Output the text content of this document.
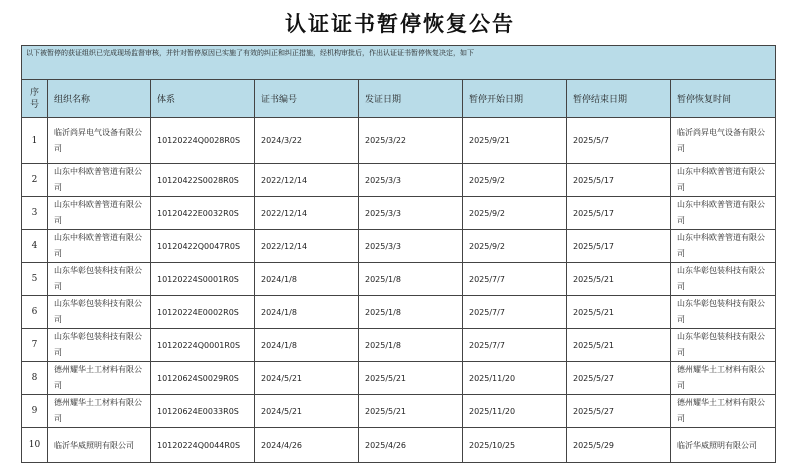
认证证书暂停恢复公告
以下被暂停的获证组织已完成现场监督审核，并针对暂停原因已实施了有效的纠正和纠正措施，经机构审批后，作出认证证书暂停恢复决定，如下							
序
号	组织名称	体系	证书编号	发证日期	暂停开始日期	暂停结束日期	暂停恢复时间
1	临沂尚昇电气设备有限公司	10120224Q0028R0S	2024/3/22	2025/3/22	2025/9/21	2025/5/7	临沂尚昇电气设备有限公司
2	山东中科欧普管道有限公司	10120422S0028R0S	2022/12/14	2025/3/3	2025/9/2	2025/5/17	山东中科欧普管道有限公司
3	山东中科欧普管道有限公司	10120422E0032R0S	2022/12/14	2025/3/3	2025/9/2	2025/5/17	山东中科欧普管道有限公司
4	山东中科欧普管道有限公司	10120422Q0047R0S	2022/12/14	2025/3/3	2025/9/2	2025/5/17	山东中科欧普管道有限公司
5	山东华彰包装科技有限公司	10120224S0001R0S	2024/1/8	2025/1/8	2025/7/7	2025/5/21	山东华彰包装科技有限公司
6	山东华彰包装科技有限公司	10120224E0002R0S	2024/1/8	2025/1/8	2025/7/7	2025/5/21	山东华彰包装科技有限公司
7	山东华彰包装科技有限公司	10120224Q0001R0S	2024/1/8	2025/1/8	2025/7/7	2025/5/21	山东华彰包装科技有限公司
8	德州耀华土工材料有限公司	10120624S0029R0S	2024/5/21	2025/5/21	2025/11/20	2025/5/27	德州耀华土工材料有限公司
9	德州耀华土工材料有限公司	10120624E0033R0S	2024/5/21	2025/5/21	2025/11/20	2025/5/27	德州耀华土工材料有限公司
10	临沂华威照明有限公司	10120224Q0044R0S	2024/4/26	2025/4/26	2025/10/25	2025/5/29	临沂华威照明有限公司
